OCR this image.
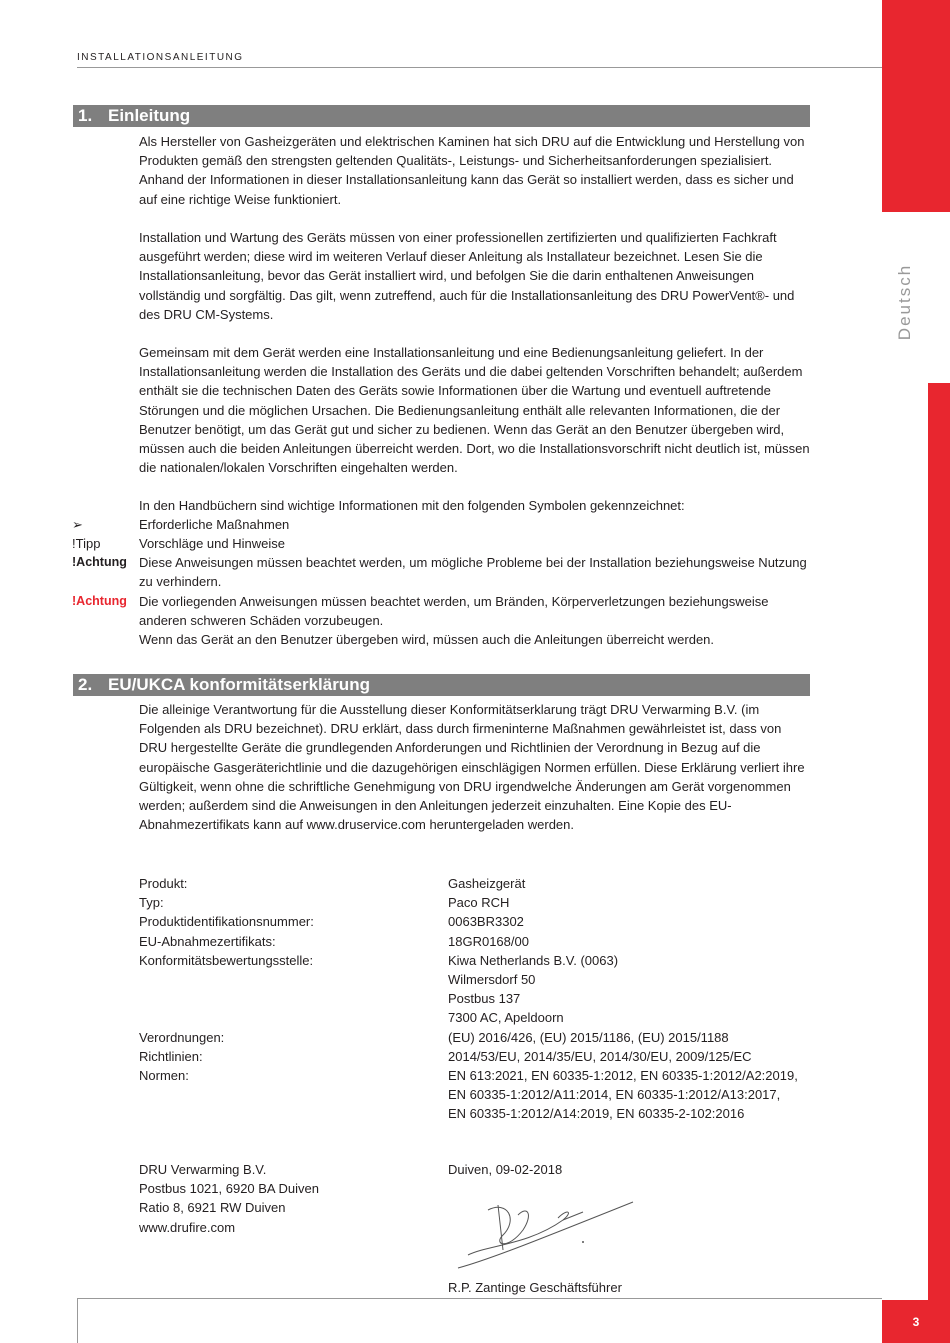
Deutsch
INSTALLATIONSANLEITUNG
3
1. Einleitung
Als Hersteller von Gasheizgeräten und elektrischen Kaminen hat sich DRU auf die Entwicklung und Herstellung von Produkten gemäß den strengsten geltenden Qualitäts-, Leistungs- und Sicherheitsanforderungen spezialisiert. Anhand der Informationen in dieser Installationsanleitung kann das Gerät so installiert werden, dass es sicher und auf eine richtige Weise funktioniert.
Installation und Wartung des Geräts müssen von einer professionellen zertifizierten und qualifizierten Fachkraft ausgeführt werden; diese wird im weiteren Verlauf dieser Anleitung als Installateur bezeichnet. Lesen Sie die Installationsanleitung, bevor das Gerät installiert wird, und befolgen Sie die darin enthaltenen Anweisungen vollständig und sorgfältig. Das gilt, wenn zutreffend, auch für die Installationsanleitung des DRU PowerVent®- und des DRU CM-Systems.
Gemeinsam mit dem Gerät werden eine Installationsanleitung und eine Bedienungsanleitung geliefert. In der Installationsanleitung werden die Installation des Geräts und die dabei geltenden Vorschriften behandelt; außerdem enthält sie die technischen Daten des Geräts sowie Informationen über die Wartung und eventuell auftretende Störungen und die möglichen Ursachen. Die Bedienungsanleitung enthält alle relevanten Informationen, die der Benutzer benötigt, um das Gerät gut und sicher zu bedienen. Wenn das Gerät an den Benutzer übergeben wird, müssen auch die beiden Anleitungen überreicht werden. Dort, wo die Installationsvorschrift nicht deutlich ist, müssen die nationalen/lokalen Vorschriften eingehalten werden.
In den Handbüchern sind wichtige Informationen mit den folgenden Symbolen gekennzeichnet:
➢	Erforderliche Maßnahmen
!Tipp	Vorschläge und Hinweise
!Achtung Diese Anweisungen müssen beachtet werden, um mögliche Probleme bei der Installation beziehungsweise Nutzung zu verhindern.
!Achtung Die vorliegenden Anweisungen müssen beachtet werden, um Bränden, Körperverletzungen beziehungsweise anderen schweren Schäden vorzubeugen.
Wenn das Gerät an den Benutzer übergeben wird, müssen auch die Anleitungen überreicht werden.
2. EU/UKCA konformitätserklärung
Die alleinige Verantwortung für die Ausstellung dieser Konformitätserklarung trägt DRU Verwarming B.V. (im Folgenden als DRU bezeichnet). DRU erklärt, dass durch firmeninterne Maßnahmen gewährleistet ist, dass von DRU hergestellte Geräte die grundlegenden Anforderungen und Richtlinien der Verordnung in Bezug auf die europäische Gasgeräterichtlinie und die dazugehörigen einschlägigen Normen erfüllen. Diese Erklärung verliert ihre Gültigkeit, wenn ohne die schriftliche Genehmigung von DRU irgendwelche Änderungen am Gerät vorgenommen werden; außerdem sind die Anweisungen in den Anleitungen jederzeit einzuhalten. Eine Kopie des EU-Abnahmezertifikats kann auf www.druservice.com heruntergeladen werden.
Produkt:	Gasheizgerät
Typ:	Paco RCH
Produktidentifikationsnummer:	0063BR3302
EU-Abnahmezertifikats:	18GR0168/00
Konformitätsbewertungsstelle:	Kiwa Netherlands B.V. (0063)
Wilmersdorf 50
Postbus 137
7300 AC, Apeldoorn
Verordnungen:	(EU) 2016/426, (EU) 2015/1186, (EU) 2015/1188
Richtlinien:	2014/53/EU, 2014/35/EU, 2014/30/EU, 2009/125/EC
Normen:	EN 613:2021, EN 60335-1:2012, EN 60335-1:2012/A2:2019,
EN 60335-1:2012/A11:2014, EN 60335-1:2012/A13:2017,
EN 60335-1:2012/A14:2019, EN 60335-2-102:2016
DRU Verwarming B.V.
Postbus 1021, 6920 BA Duiven
Ratio 8, 6921 RW Duiven
www.drufire.com
Duiven, 09-02-2018
R.P. Zantinge Geschäftsführer
